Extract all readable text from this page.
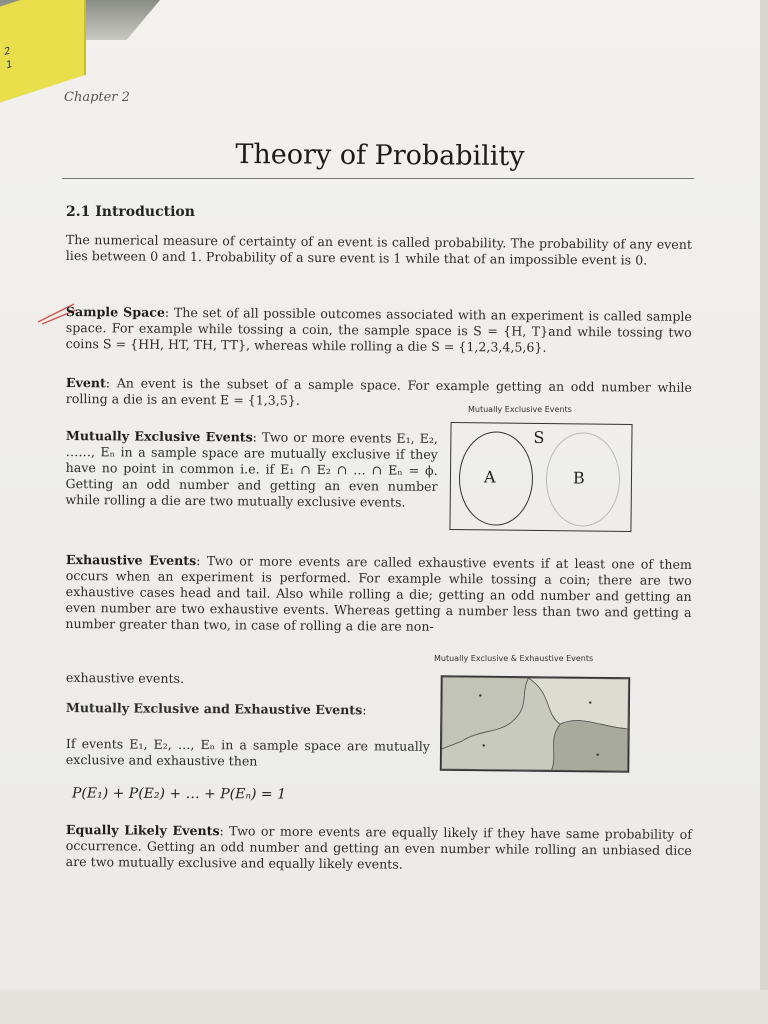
2
1
Chapter 2
Theory of Probability
2.1 Introduction
The numerical measure of certainty of an event is called probability. The probability of any event lies between 0 and 1. Probability of a sure event is 1 while that of an impossible event is 0.
Sample Space: The set of all possible outcomes associated with an experiment is called sample space. For example while tossing a coin, the sample space is S = {H, T}and while tossing two coins S = {HH, HT, TH, TT}, whereas while rolling a die S = {1,2,3,4,5,6}.
Event: An event is the subset of a sample space. For example getting an odd number while rolling a die is an event E = {1,3,5}.
Mutually Exclusive Events
S
A	B
Mutually Exclusive Events: Two or more events E₁, E₂, ……, Eₙ in a sample space are mutually exclusive if they have no point in common i.e. if E₁ ∩ E₂ ∩ … ∩ Eₙ = ϕ. Getting an odd number and getting an even number while rolling a die are two mutually exclusive events.
Exhaustive Events: Two or more events are called exhaustive events if at least one of them occurs when an experiment is performed. For example while tossing a coin; there are two exhaustive cases head and tail. Also while rolling a die; getting an odd number and getting an even number are two exhaustive events. Whereas getting a number less than two and getting a number greater than two, in case of rolling a die are non-
Mutually Exclusive & Exhaustive Events
exhaustive events.
Mutually Exclusive and Exhaustive Events:
If events E₁, E₂, …, Eₙ in a sample space are mutually exclusive and exhaustive then
P(E₁) + P(E₂) + … + P(Eₙ) = 1
Equally Likely Events: Two or more events are equally likely if they have same probability of occurrence. Getting an odd number and getting an even number while rolling an unbiased dice are two mutually exclusive and equally likely events.
